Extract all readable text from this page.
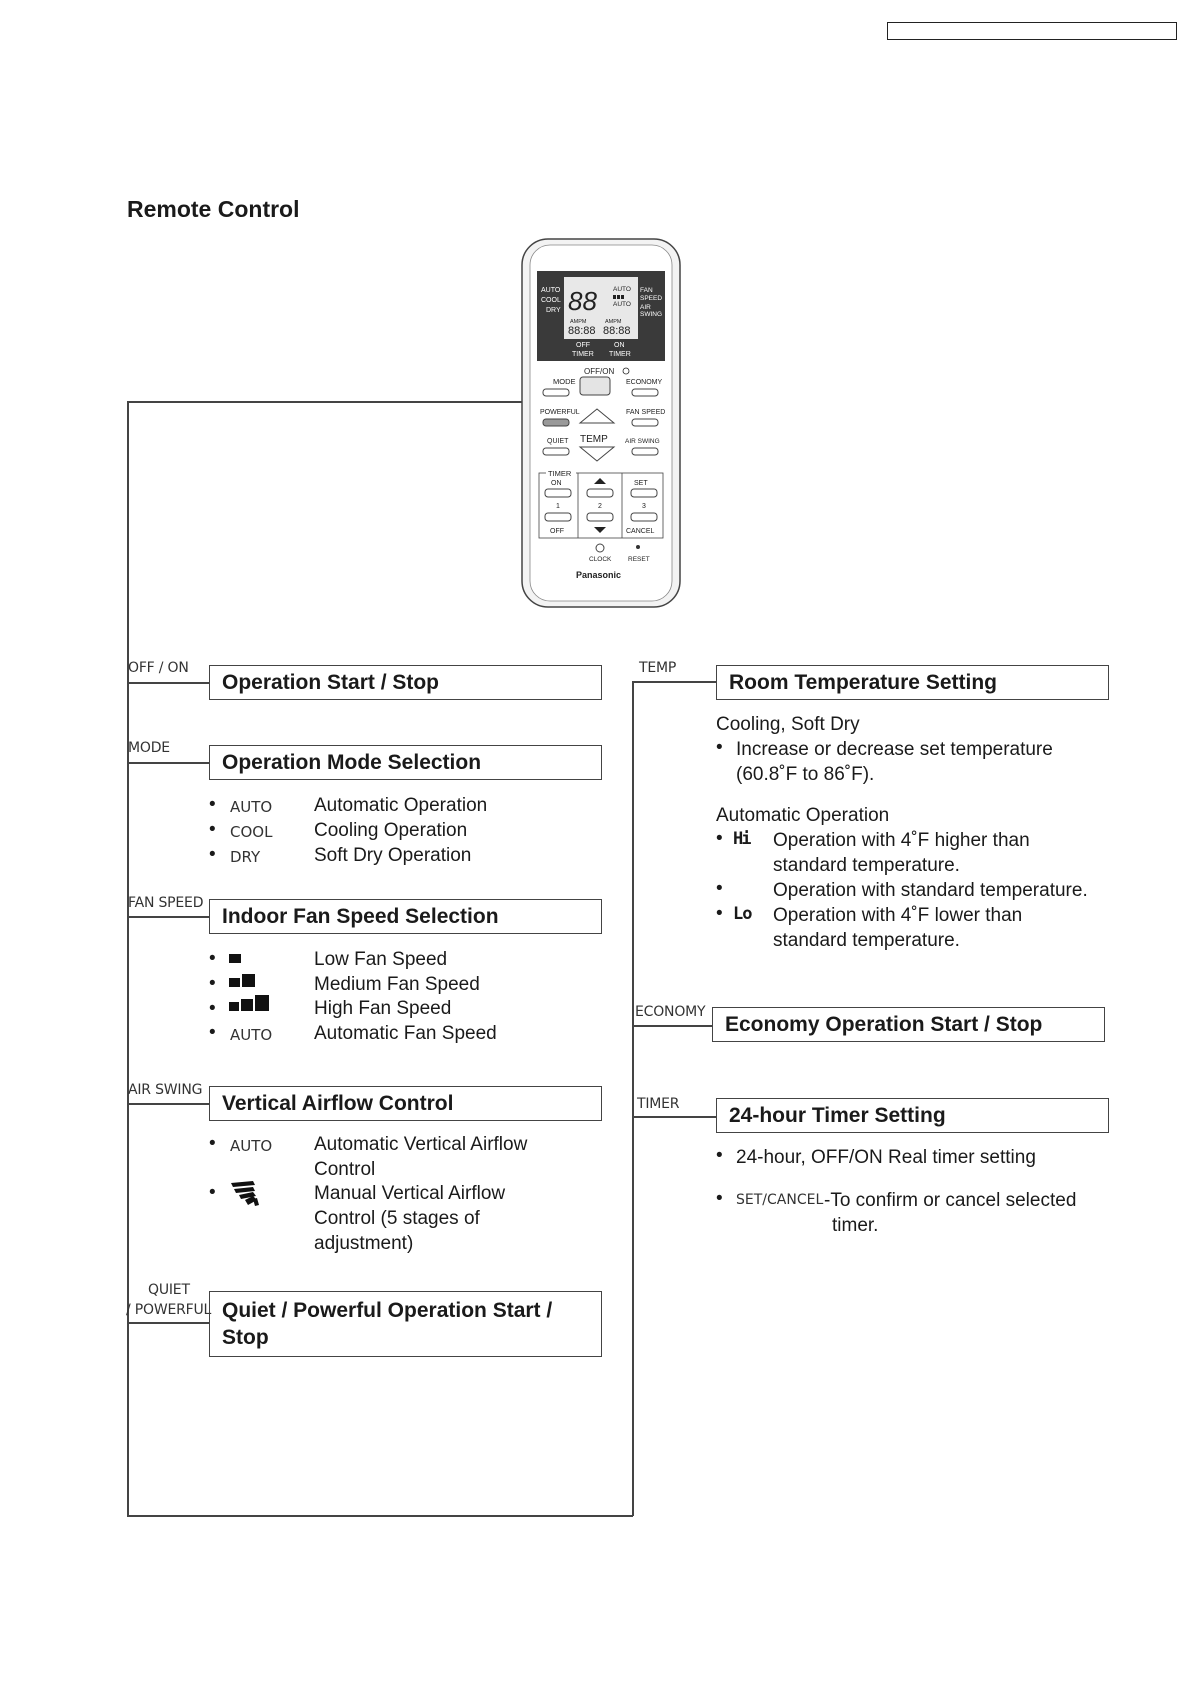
Remote Control
AUTO
COOL
DRY 88 AUTO
AUTO
FAN
SPEED
AIR
SWING
AMPM	AMPM
88:88 88:88
OFF
TIMER
ON
TIMER
OFF/ON
MODE	ECONOMY
POWERFUL	FAN SPEED
QUIET TEMP	AIR SWING
TIMER
ON	SET
1	2	3
OFF	CANCEL
CLOCK	RESET
Panasonic
OFF / ON
Operation Start / Stop
MODE
Operation Mode Selection
• AUTO Automatic Operation
• COOL Cooling Operation
• DRY	Soft Dry Operation
FAN SPEED
Indoor Fan Speed Selection
•	Low Fan Speed
•	Medium Fan Speed
•	High Fan Speed
• AUTO Automatic Fan Speed
AIR SWING
Vertical Airflow Control
• AUTO Automatic Vertical Airflow
Control
•	Manual Vertical Airflow
Control (5 stages of
adjustment)
QUIET
/ POWERFUL Quiet / Powerful Operation Start /
Stop
TEMP
Room Temperature Setting
Cooling, Soft Dry
• Increase or decrease set temperature
(60.8˚F to 86˚F).
Automatic Operation
• Hi Operation with 4˚F higher than
standard temperature.
•	Operation with standard temperature.
• Lo Operation with 4˚F lower than
standard temperature.
ECONOMY
Economy Operation Start / Stop
TIMER 24-hour Timer Setting
• 24-hour, OFF/ON Real timer setting
• SET/CANCEL -To confirm or cancel selected
timer.
